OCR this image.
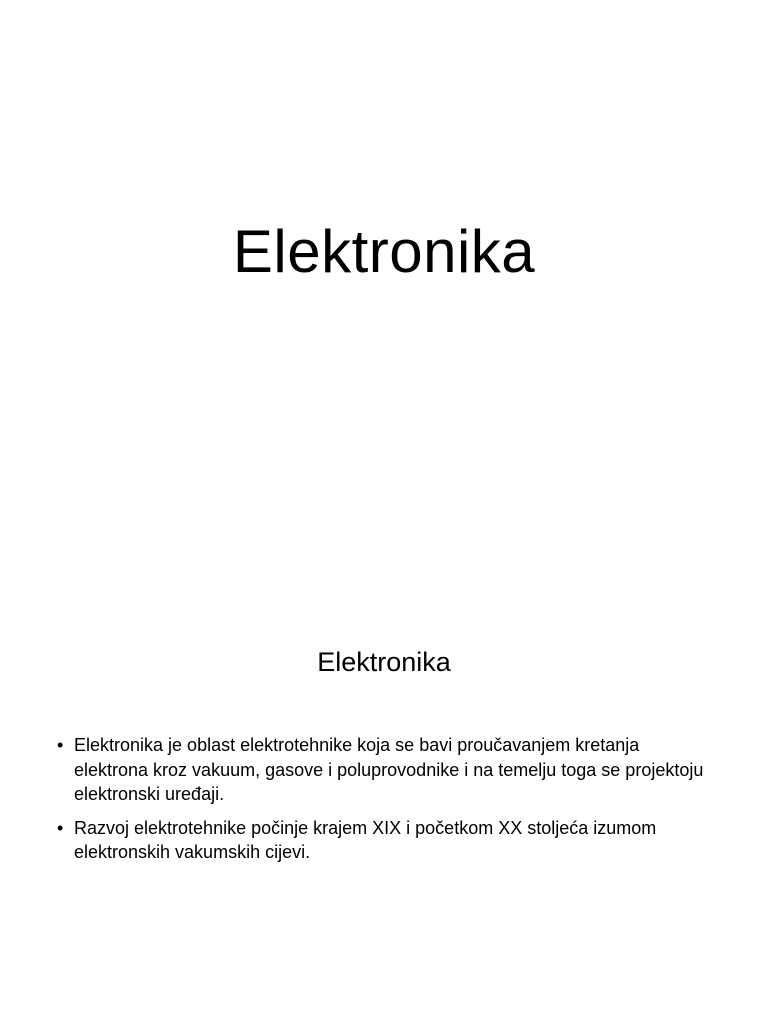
Elektronika
Elektronika
• Elektronika je oblast elektrotehnike koja se bavi proučavanjem kretanja elektrona kroz vakuum, gasove i poluprovodnike i na temelju toga se projektoju elektronski uređaji.
• Razvoj elektrotehnike počinje krajem XIX i početkom XX stoljeća izumom elektronskih vakumskih cijevi.
